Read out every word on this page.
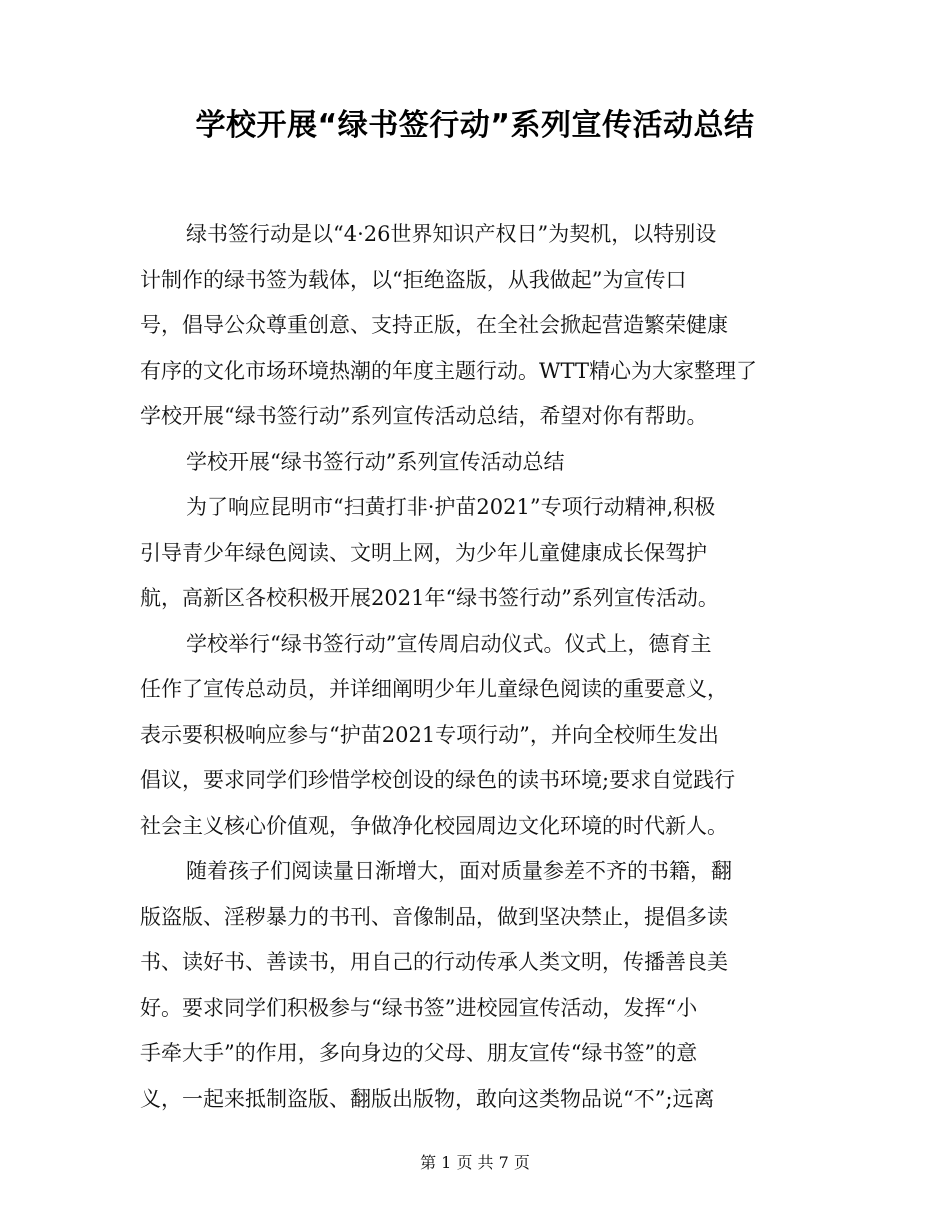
学校开展“绿书签行动”系列宣传活动总结
绿书签行动是以“4·26世界知识产权日”为契机，以特别设
计制作的绿书签为载体，以“拒绝盗版，从我做起”为宣传口
号，倡导公众尊重创意、支持正版，在全社会掀起营造繁荣健康
有序的文化市场环境热潮的年度主题行动。WTT精心为大家整理了
学校开展“绿书签行动”系列宣传活动总结，希望对你有帮助。
学校开展“绿书签行动”系列宣传活动总结
为了响应昆明市“扫黄打非·护苗2021”专项行动精神,积极
引导青少年绿色阅读、文明上网，为少年儿童健康成长保驾护
航，高新区各校积极开展2021年“绿书签行动”系列宣传活动。
学校举行“绿书签行动”宣传周启动仪式。仪式上，德育主
任作了宣传总动员，并详细阐明少年儿童绿色阅读的重要意义，
表示要积极响应参与“护苗2021专项行动”，并向全校师生发出
倡议，要求同学们珍惜学校创设的绿色的读书环境;要求自觉践行
社会主义核心价值观，争做净化校园周边文化环境的时代新人。
随着孩子们阅读量日渐增大，面对质量参差不齐的书籍，翻
版盗版、淫秽暴力的书刊、音像制品，做到坚决禁止，提倡多读
书、读好书、善读书，用自己的行动传承人类文明，传播善良美
好。要求同学们积极参与“绿书签”进校园宣传活动，发挥“小
手牵大手”的作用，多向身边的父母、朋友宣传“绿书签”的意
义，一起来抵制盗版、翻版出版物，敢向这类物品说“不”;远离
第 1 页 共 7 页
